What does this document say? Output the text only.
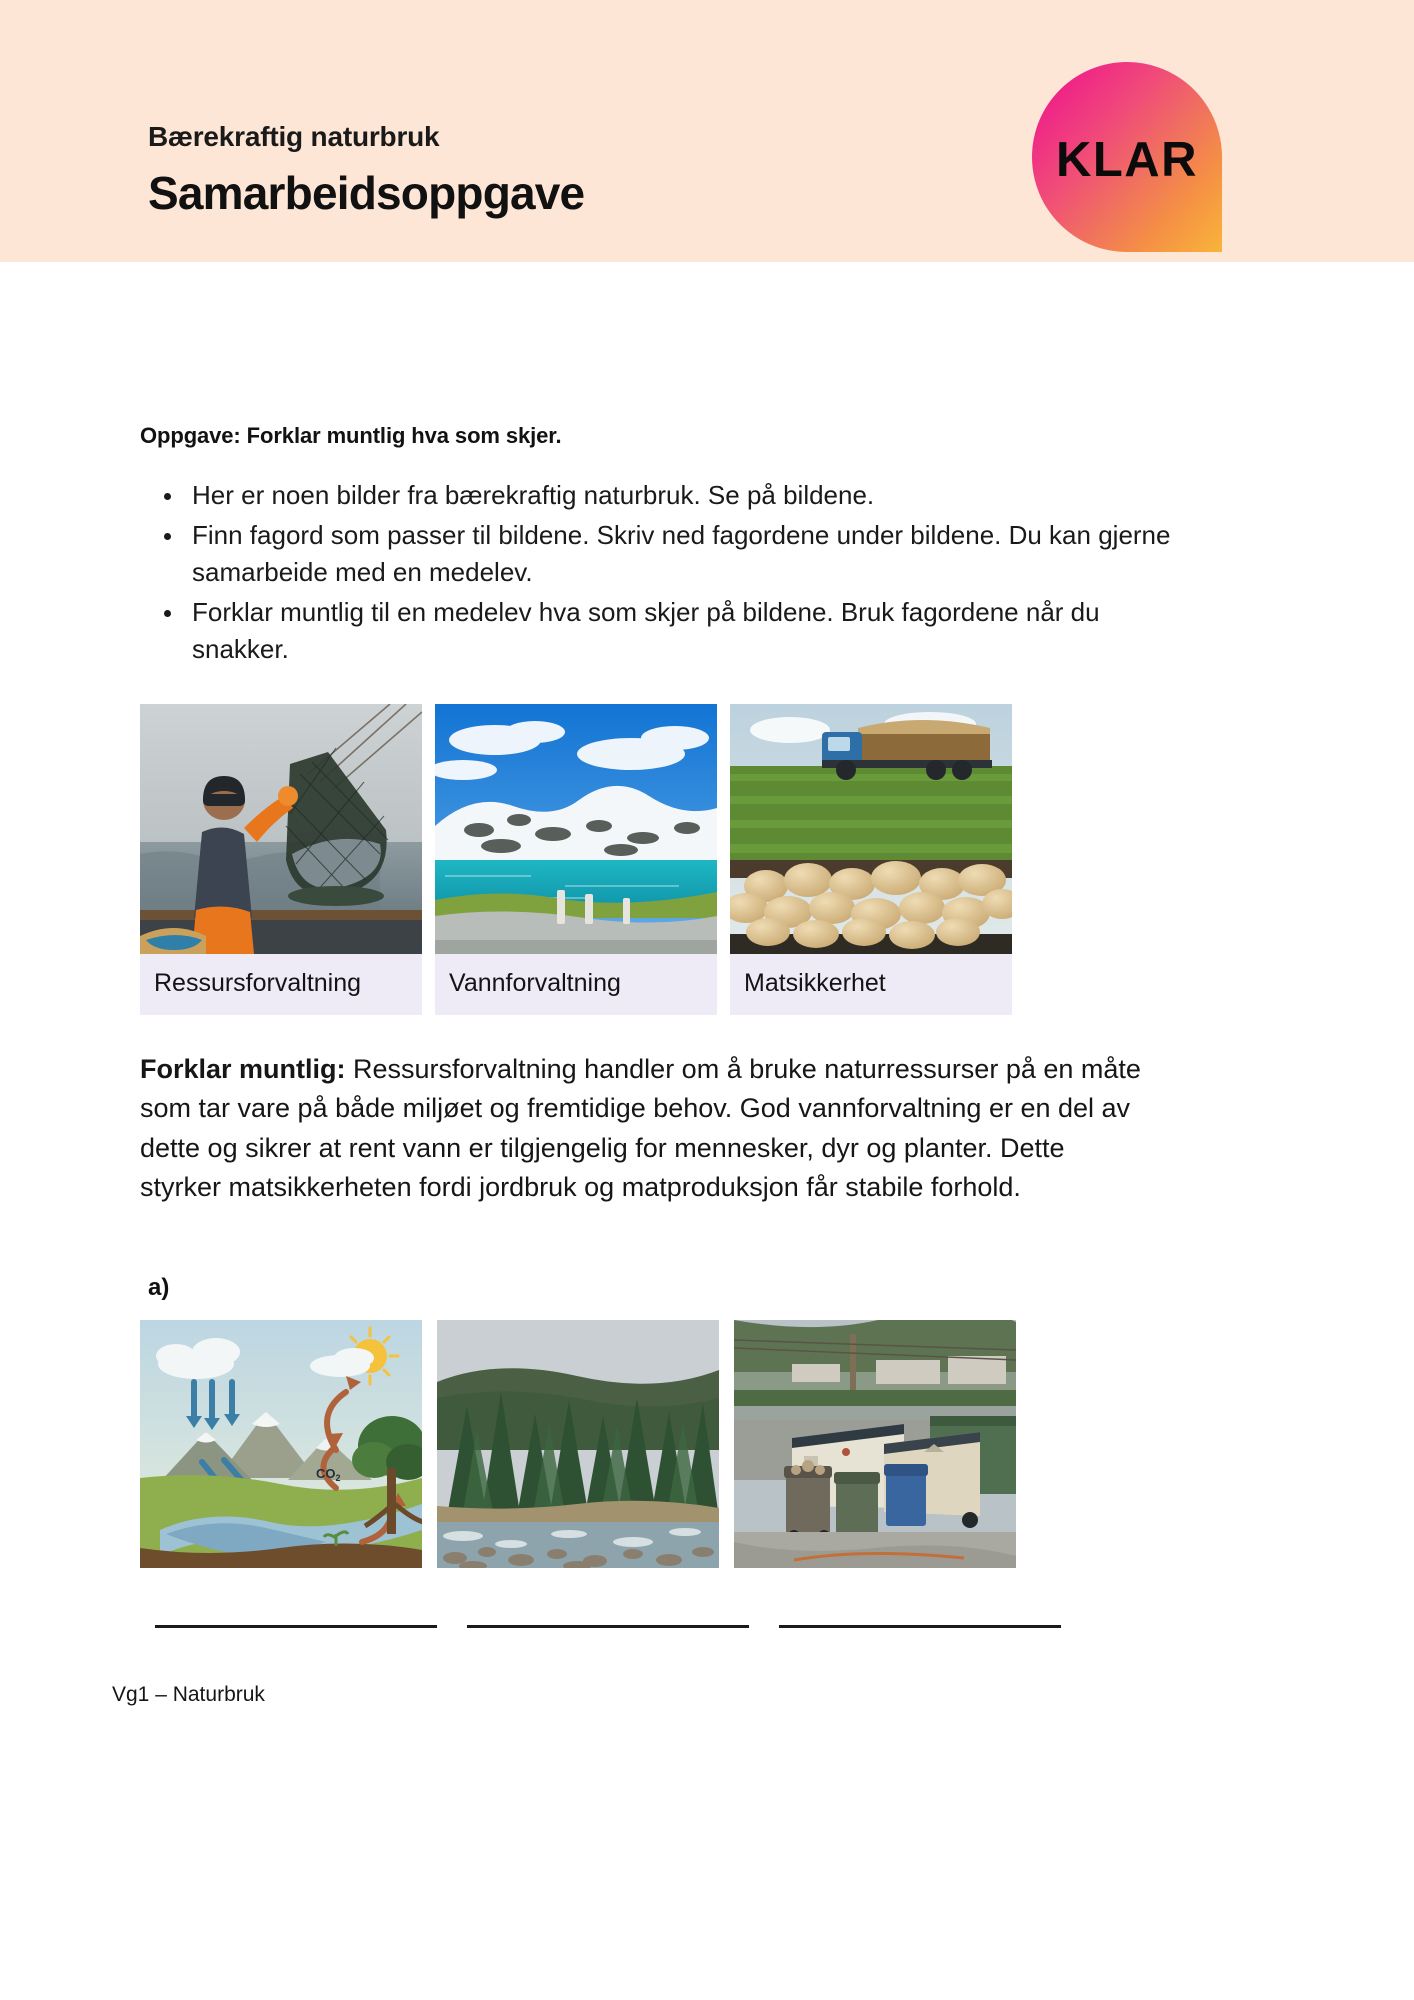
Bærekraftig naturbruk
Samarbeidsoppgave
KLAR
Oppgave: Forklar muntlig hva som skjer.
Her er noen bilder fra bærekraftig naturbruk. Se på bildene.
Finn fagord som passer til bildene. Skriv ned fagordene under bildene. Du kan gjerne samarbeide med en medelev.
Forklar muntlig til en medelev hva som skjer på bildene. Bruk fagordene når du snakker.
Ressursforvaltning	Vannforvaltning	Matsikkerhet

Forklar muntlig: Ressursforvaltning handler om å bruke naturressurser på en måte som tar vare på både miljøet og fremtidige behov. God vannforvaltning er en del av dette og sikrer at rent vann er tilgjengelig for mennesker, dyr og planter. Dette styrker matsikkerheten fordi jordbruk og matproduksjon får stabile forhold.

a)
$CO_2$
Vg1 – Naturbruk
